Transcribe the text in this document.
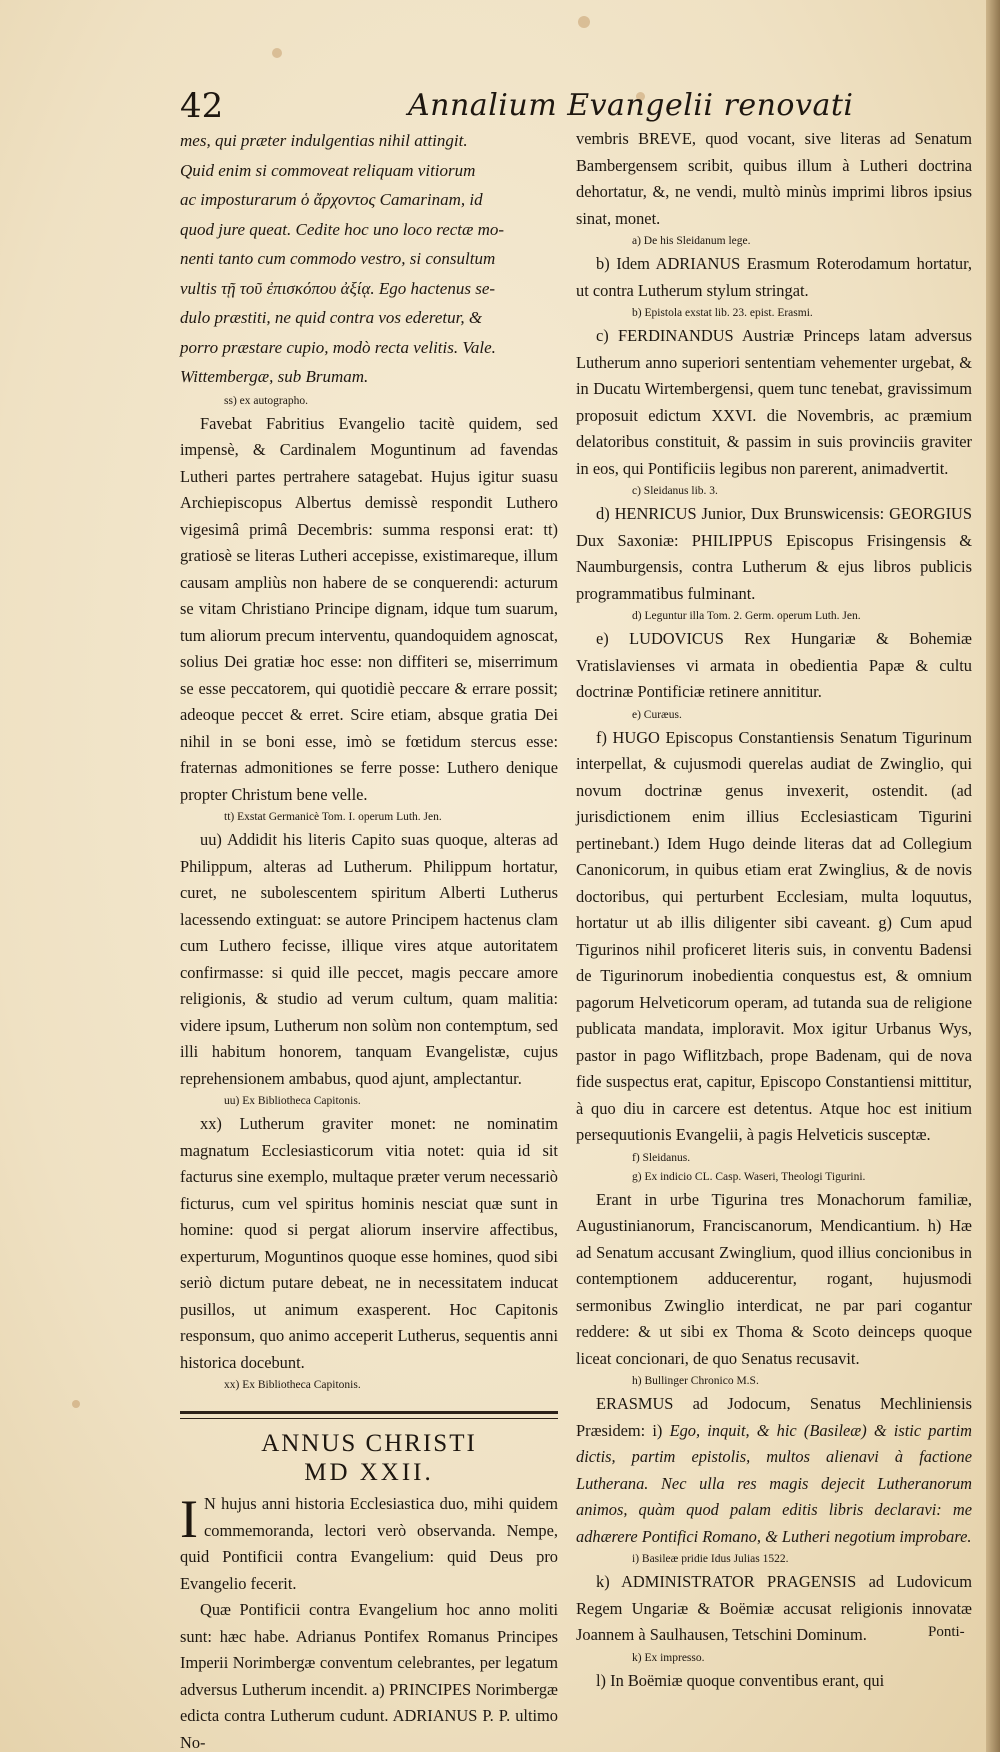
42	Annalium Evangelii renovati
mes, qui præter indulgentias nihil attingit.
Quid enim si commoveat reliquam vitiorum
ac imposturarum ὁ ἄρχοντος Camarinam, id
quod jure queat. Cedite hoc uno loco rectæ mo-
nenti tanto cum commodo vestro, si consultum
vultis τῇ τοῦ ἐπισκόπου ἀξίᾳ. Ego hactenus se-
dulo præstiti, ne quid contra vos ederetur, &
porro præstare cupio, modò recta velitis. Vale.
Wittembergæ, sub Brumam.
ss) ex autographo.

Favebat Fabritius Evangelio tacitè quidem, sed impensè, & Cardinalem Moguntinum ad favendas Lutheri partes pertrahere satagebat. Hujus igitur suasu Archiepiscopus Albertus demissè respondit Luthero vigesimâ primâ Decembris: summa responsi erat: tt) gratiosè se literas Lutheri accepisse, existimareque, illum causam ampliùs non habere de se conquerendi: acturum se vitam Christiano Principe dignam, idque tum suarum, tum aliorum precum interventu, quandoquidem agnoscat, solius Dei gratiæ hoc esse: non diffiteri se, miserrimum se esse peccatorem, qui quotidiè peccare & errare possit; adeoque peccet & erret. Scire etiam, absque gratia Dei nihil in se boni esse, imò se fœtidum stercus esse: fraternas admonitiones se ferre posse: Luthero denique propter Christum bene velle.

tt) Exstat Germanicè Tom. I. operum Luth. Jen.

uu) Addidit his literis Capito suas quoque, alteras ad Philippum, alteras ad Lutherum. Philippum hortatur, curet, ne subolescentem spiritum Alberti Lutherus lacessendo extinguat: se autore Principem hactenus clam cum Luthero fecisse, illique vires atque autoritatem confirmasse: si quid ille peccet, magis peccare amore religionis, & studio ad verum cultum, quam malitia: videre ipsum, Lutherum non solùm non contemptum, sed illi habitum honorem, tanquam Evangelistæ, cujus reprehensionem ambabus, quod ajunt, amplectantur.

uu) Ex Bibliotheca Capitonis.

xx) Lutherum graviter monet: ne nominatim magnatum Ecclesiasticorum vitia notet: quia id sit facturus sine exemplo, multaque præter verum necessariò ficturus, cum vel spiritus hominis nesciat quæ sunt in homine: quod si pergat aliorum inservire affectibus, experturum, Moguntinos quoque esse homines, quod sibi seriò dictum putare debeat, ne in necessitatem inducat pusillos, ut animum exasperent. Hoc Capitonis responsum, quo animo acceperit Lutherus, sequentis anni historica docebunt.

xx) Ex Bibliotheca Capitonis.
ANNUS CHRISTI
MD XXII.

I N hujus anni historia Ecclesiastica duo, mihi quidem commemoranda, lectori verò observanda. Nempe, quid Pontificii contra Evangelium: quid Deus pro Evangelio fecerit.

Quæ Pontificii contra Evangelium hoc anno moliti sunt: hæc habe. Adrianus Pontifex Romanus Principes Imperii Norimbergæ conventum celebrantes, per legatum adversus Lutherum incendit. a) PRINCIPES Norimbergæ edicta contra Lutherum cudunt. ADRIANUS P. P. ultimo No-

vembris BREVE, quod vocant, sive literas ad Senatum Bambergensem scribit, quibus illum à Lutheri doctrina dehortatur, &, ne vendi, multò minùs imprimi libros ipsius sinat, monet.

a) De his Sleidanum lege.

b) Idem ADRIANUS Erasmum Roterodamum hortatur, ut contra Lutherum stylum stringat.

b) Epistola exstat lib. 23. epist. Erasmi.

c) FERDINANDUS Austriæ Princeps latam adversus Lutherum anno superiori sententiam vehementer urgebat, & in Ducatu Wirtembergensi, quem tunc tenebat, gravissimum proposuit edictum XXVI. die Novembris, ac præmium delatoribus constituit, & passim in suis provinciis graviter in eos, qui Pontificiis legibus non parerent, animadvertit.

c) Sleidanus lib. 3.

d) HENRICUS Junior, Dux Brunswicensis: GEORGIUS Dux Saxoniæ: PHILIPPUS Episcopus Frisingensis & Naumburgensis, contra Lutherum & ejus libros publicis programmatibus fulminant.

d) Leguntur illa Tom. 2. Germ. operum Luth. Jen.

e) LUDOVICUS Rex Hungariæ & Bohemiæ Vratislavienses vi armata in obedientia Papæ & cultu doctrinæ Pontificiæ retinere annititur.

e) Curæus.

f) HUGO Episcopus Constantiensis Senatum Tigurinum interpellat, & cujusmodi querelas audiat de Zwinglio, qui novum doctrinæ genus invexerit, ostendit. (ad jurisdictionem enim illius Ecclesiasticam Tigurini pertinebant.) Idem Hugo deinde literas dat ad Collegium Canonicorum, in quibus etiam erat Zwinglius, & de novis doctoribus, qui perturbent Ecclesiam, multa loquutus, hortatur ut ab illis diligenter sibi caveant. g) Cum apud Tigurinos nihil proficeret literis suis, in conventu Badensi de Tigurinorum inobedientia conquestus est, & omnium pagorum Helveticorum operam, ad tutanda sua de religione publicata mandata, imploravit. Mox igitur Urbanus Wys, pastor in pago Wiflitzbach, prope Badenam, qui de nova fide suspectus erat, capitur, Episcopo Constantiensi mittitur, à quo diu in carcere est detentus. Atque hoc est initium persequutionis Evangelii, à pagis Helveticis susceptæ.

f) Sleidanus.
g) Ex indicio CL. Casp. Waseri, Theologi Tigurini.

Erant in urbe Tigurina tres Monachorum familiæ, Augustinianorum, Franciscanorum, Mendicantium. h) Hæ ad Senatum accusant Zwinglium, quod illius concionibus in contemptionem adducerentur, rogant, hujusmodi sermonibus Zwinglio interdicat, ne par pari cogantur reddere: & ut sibi ex Thoma & Scoto deinceps quoque liceat concionari, de quo Senatus recusavit.

h) Bullinger Chronico M.S.

ERASMUS ad Jodocum, Senatus Mechliniensis Præsidem: i) Ego, inquit, & hic (Basileæ) & istic partim dictis, partim epistolis, multos alienavi à factione Lutherana. Nec ulla res magis dejecit Lutheranorum animos, quàm quod palam editis libris declaravi: me adhærere Pontifici Romano, & Lutheri negotium improbare.

i) Basileæ pridie Idus Julias 1522.

k) ADMINISTRATOR PRAGENSIS ad Ludovicum Regem Ungariæ & Boëmiæ accusat religionis innovatæ Joannem à Saulhausen, Tetschini Dominum.

k) Ex impresso.

l) In Boëmiæ quoque conventibus erant, qui

Ponti-
